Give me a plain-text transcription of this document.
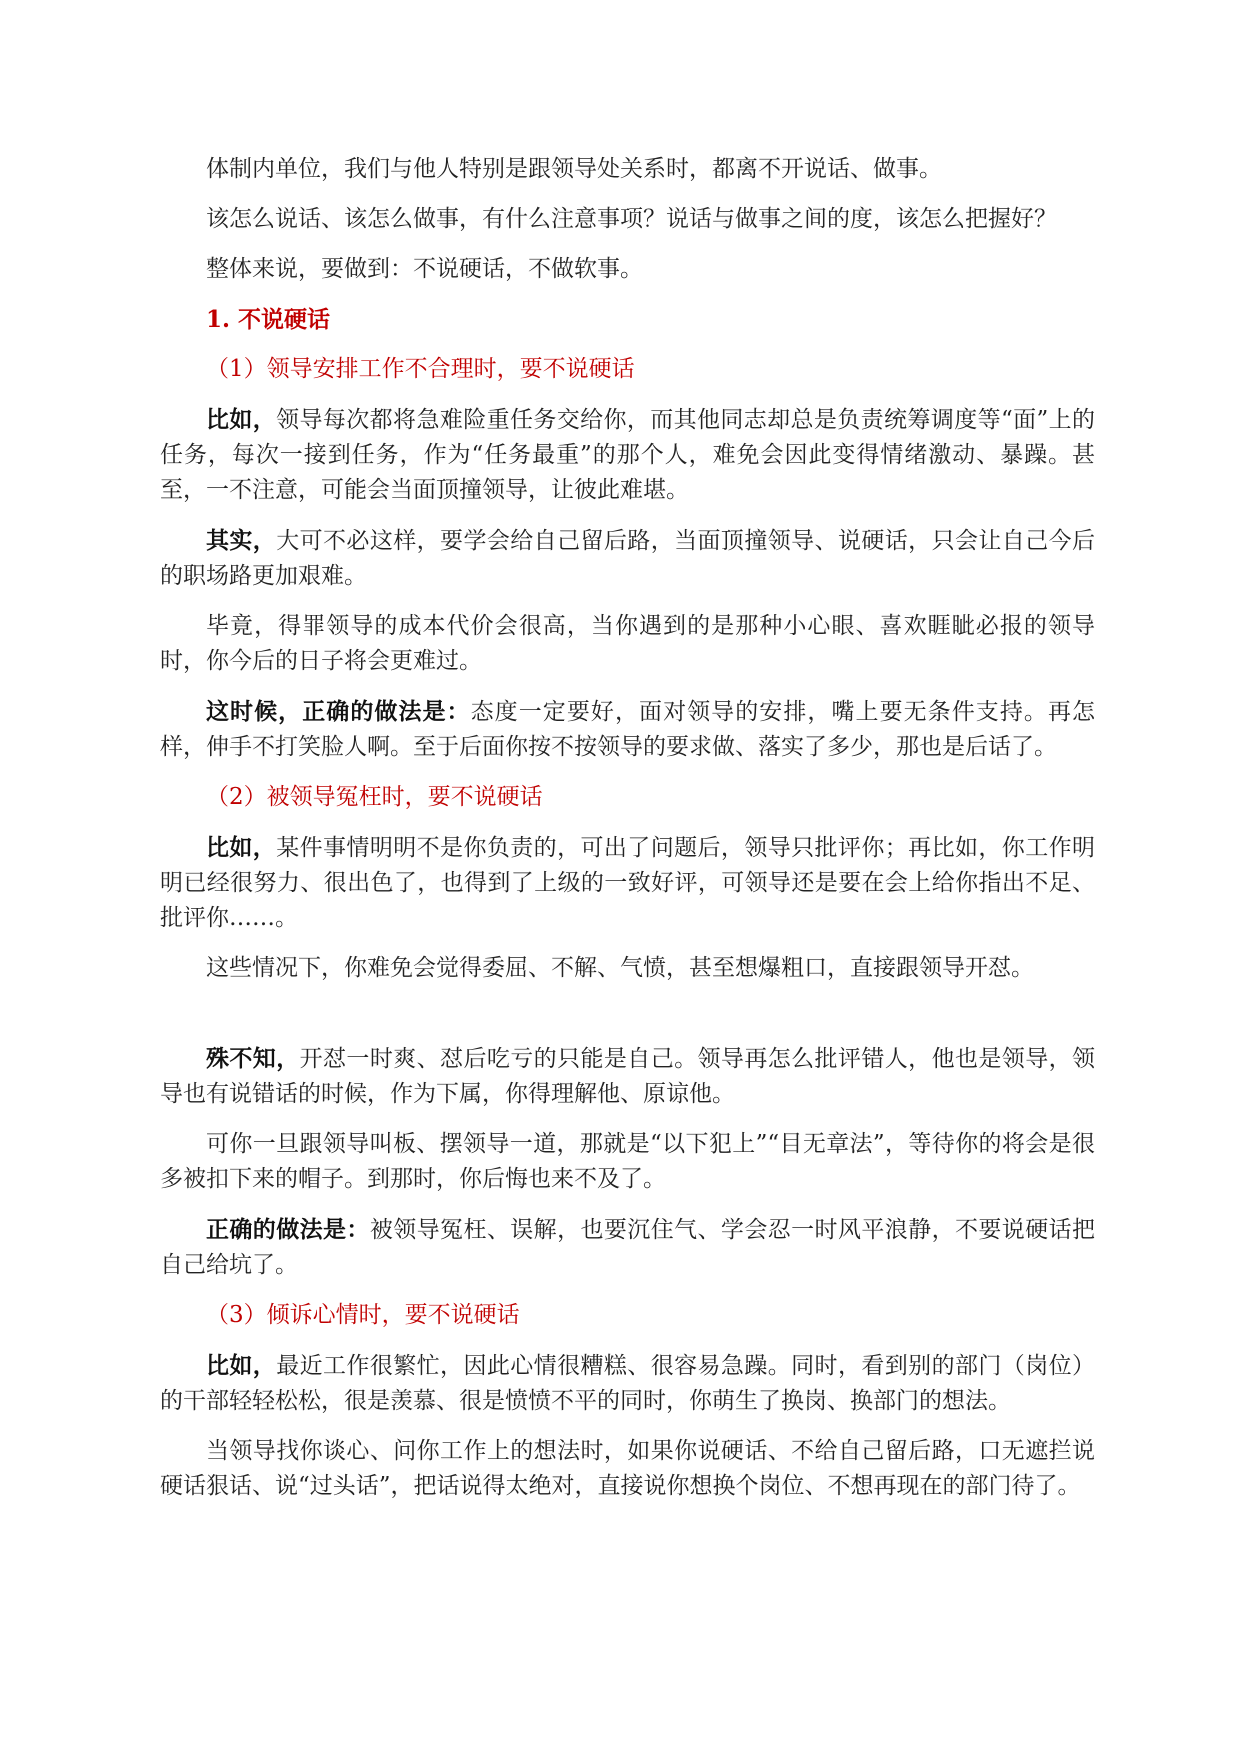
体制内单位，我们与他人特别是跟领导处关系时，都离不开说话、做事。

该怎么说话、该怎么做事，有什么注意事项？说话与做事之间的度，该怎么把握好？

整体来说，要做到：不说硬话，不做软事。

1. 不说硬话

（1）领导安排工作不合理时，要不说硬话

比如，领导每次都将急难险重任务交给你，而其他同志却总是负责统筹调度等“面”上的任务，每次一接到任务，作为“任务最重”的那个人，难免会因此变得情绪激动、暴躁。甚至，一不注意，可能会当面顶撞领导，让彼此难堪。

其实，大可不必这样，要学会给自己留后路，当面顶撞领导、说硬话，只会让自己今后的职场路更加艰难。

毕竟，得罪领导的成本代价会很高，当你遇到的是那种小心眼、喜欢睚眦必报的领导时，你今后的日子将会更难过。

这时候，正确的做法是：态度一定要好，面对领导的安排，嘴上要无条件支持。再怎样，伸手不打笑脸人啊。至于后面你按不按领导的要求做、落实了多少，那也是后话了。

（2）被领导冤枉时，要不说硬话

比如，某件事情明明不是你负责的，可出了问题后，领导只批评你；再比如，你工作明明已经很努力、很出色了，也得到了上级的一致好评，可领导还是要在会上给你指出不足、批评你……。

这些情况下，你难免会觉得委屈、不解、气愤，甚至想爆粗口，直接跟领导开怼。

殊不知，开怼一时爽、怼后吃亏的只能是自己。领导再怎么批评错人，他也是领导，领导也有说错话的时候，作为下属，你得理解他、原谅他。

可你一旦跟领导叫板、摆领导一道，那就是“以下犯上”“目无章法”，等待你的将会是很多被扣下来的帽子。到那时，你后悔也来不及了。

正确的做法是：被领导冤枉、误解，也要沉住气、学会忍一时风平浪静，不要说硬话把自己给坑了。

（3）倾诉心情时，要不说硬话

比如，最近工作很繁忙，因此心情很糟糕、很容易急躁。同时，看到别的部门（岗位）的干部轻轻松松，很是羡慕、很是愤愤不平的同时，你萌生了换岗、换部门的想法。

当领导找你谈心、问你工作上的想法时，如果你说硬话、不给自己留后路，口无遮拦说硬话狠话、说“过头话”，把话说得太绝对，直接说你想换个岗位、不想再现在的部门待了。
